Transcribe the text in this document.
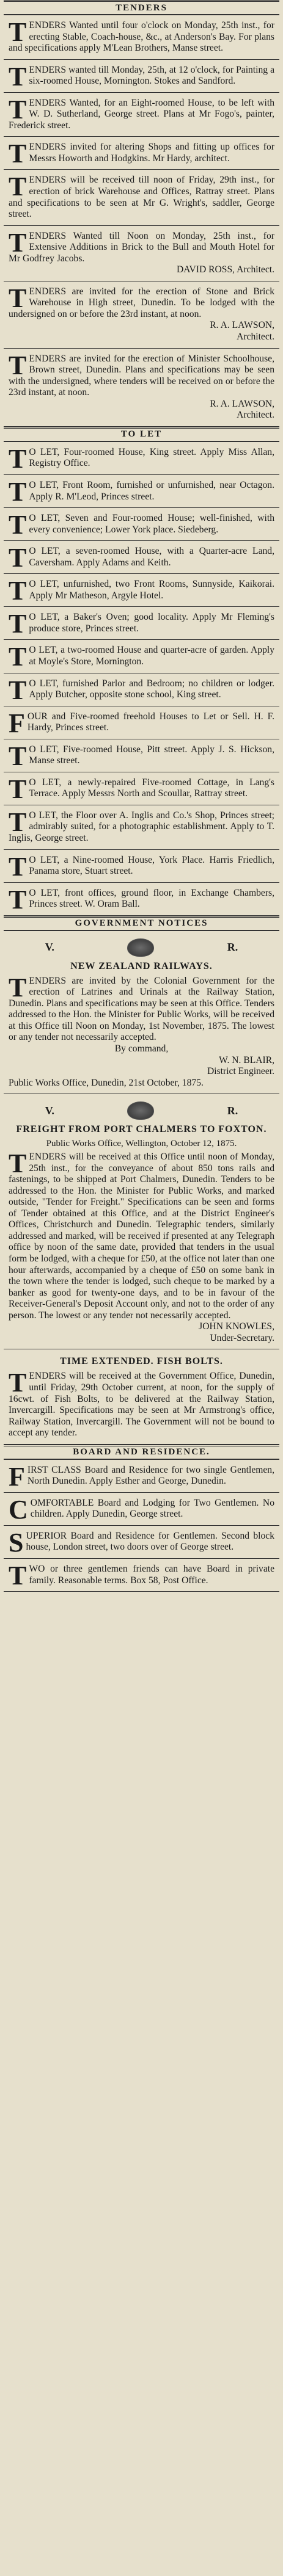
TENDERS
T ENDERS Wanted until four o'clock on Monday, 25th inst., for erecting Stable, Coach-house, &c., at Anderson's Bay. For plans and specifications apply M'Lean Brothers, Manse street.

T ENDERS wanted till Monday, 25th, at 12 o'clock, for Painting a six-roomed House, Mornington. Stokes and Sandford.

T ENDERS Wanted, for an Eight-roomed House, to be left with W. D. Sutherland, George street. Plans at Mr Fogo's, painter, Frederick street.

T ENDERS invited for altering Shops and fitting up offices for Messrs Howorth and Hodgkins. Mr Hardy, architect.

T ENDERS will be received till noon of Friday, 29th inst., for erection of brick Warehouse and Offices, Rattray street. Plans and specifications to be seen at Mr G. Wright's, saddler, George street.

T ENDERS Wanted till Noon on Monday, 25th inst., for Extensive Additions in Brick to the Bull and Mouth Hotel for Mr Godfrey Jacobs.

DAVID ROSS, Architect.

T ENDERS are invited for the erection of Stone and Brick Warehouse in High street, Dunedin. To be lodged with the undersigned on or before the 23rd instant, at noon.

R. A. LAWSON,

Architect.

T ENDERS are invited for the erection of Minister Schoolhouse, Brown street, Dunedin. Plans and specifications may be seen with the undersigned, where tenders will be received on or before the 23rd instant, at noon.

R. A. LAWSON,

Architect.

TO LET
T O LET, Four-roomed House, King street. Apply Miss Allan, Registry Office.

T O LET, Front Room, furnished or unfurnished, near Octagon. Apply R. M'Leod, Princes street.

T O LET, Seven and Four-roomed House; well-finished, with every convenience; Lower York place. Siedeberg.

T O LET, a seven-roomed House, with a Quarter-acre Land, Caversham. Apply Adams and Keith.

T O LET, unfurnished, two Front Rooms, Sunnyside, Kaikorai. Apply Mr Matheson, Argyle Hotel.

T O LET, a Baker's Oven; good locality. Apply Mr Fleming's produce store, Princes street.

T O LET, a two-roomed House and quarter-acre of garden. Apply at Moyle's Store, Mornington.

T O LET, furnished Parlor and Bedroom; no children or lodger. Apply Butcher, opposite stone school, King street.

F OUR and Five-roomed freehold Houses to Let or Sell. H. F. Hardy, Princes street.

T O LET, Five-roomed House, Pitt street. Apply J. S. Hickson, Manse street.

T O LET, a newly-repaired Five-roomed Cottage, in Lang's Terrace. Apply Messrs North and Scoullar, Rattray street.

T O LET, the Floor over A. Inglis and Co.'s Shop, Princes street; admirably suited, for a photographic establishment. Apply to T. Inglis, George street.

T O LET, a Nine-roomed House, York Place. Harris Friedlich, Panama store, Stuart street.

T O LET, front offices, ground floor, in Exchange Chambers, Princes street. W. Oram Ball.

GOVERNMENT NOTICES
V.	R.
NEW ZEALAND RAILWAYS.
T ENDERS are invited by the Colonial Government for the erection of Latrines and Urinals at the Railway Station, Dunedin. Plans and specifications may be seen at this Office. Tenders addressed to the Hon. the Minister for Public Works, will be received at this Office till Noon on Monday, 1st November, 1875. The lowest or any tender not necessarily accepted.

By command,

W. N. BLAIR,

District Engineer.

Public Works Office, Dunedin, 21st October, 1875.

V.	R.
FREIGHT FROM PORT CHALMERS TO FOXTON.

Public Works Office, Wellington, October 12, 1875.

T ENDERS will be received at this Office until noon of Monday, 25th inst., for the conveyance of about 850 tons rails and fastenings, to be shipped at Port Chalmers, Dunedin. Tenders to be addressed to the Hon. the Minister for Public Works, and marked outside, "Tender for Freight." Specifications can be seen and forms of Tender obtained at this Office, and at the District Engineer's Offices, Christchurch and Dunedin. Telegraphic tenders, similarly addressed and marked, will be received if presented at any Telegraph office by noon of the same date, provided that tenders in the usual form be lodged, with a cheque for £50, at the office not later than one hour afterwards, accompanied by a cheque of £50 on some bank in the town where the tender is lodged, such cheque to be marked by a banker as good for twenty-one days, and to be in favour of the Receiver-General's Deposit Account only, and not to the order of any person. The lowest or any tender not necessarily accepted.

JOHN KNOWLES,

Under-Secretary.

TIME EXTENDED. FISH BOLTS.
T ENDERS will be received at the Government Office, Dunedin, until Friday, 29th October current, at noon, for the supply of 16cwt. of Fish Bolts, to be delivered at the Railway Station, Invercargill. Specifications may be seen at Mr Armstrong's office, Railway Station, Invercargill. The Government will not be bound to accept any tender.

BOARD AND RESIDENCE.
F IRST CLASS Board and Residence for two single Gentlemen, North Dunedin. Apply Esther and George, Dunedin.

C OMFORTABLE Board and Lodging for Two Gentlemen. No children. Apply Dunedin, George street.

S UPERIOR Board and Residence for Gentlemen. Second block house, London street, two doors over of George street.

T WO or three gentlemen friends can have Board in private family. Reasonable terms. Box 58, Post Office.
